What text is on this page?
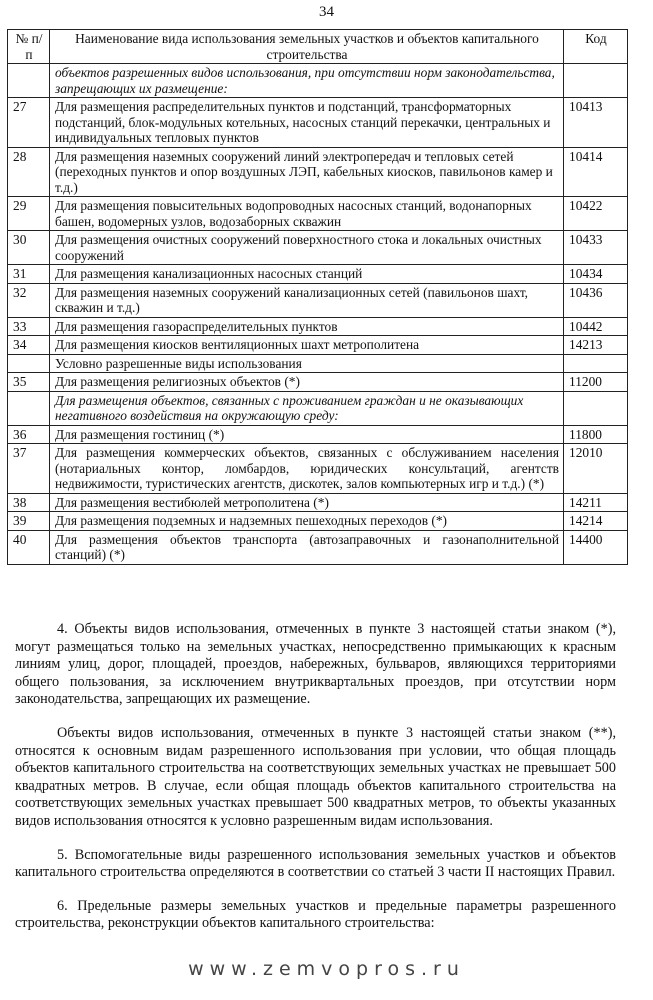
34
№ п/п	Наименование вида использования земельных участков и объектов капитального строительства	Код
	объектов разрешенных видов использования, при отсутствии норм законодательства, запрещающих их размещение:	
27	Для размещения распределительных пунктов и подстанций, трансформаторных подстанций, блок-модульных котельных, насосных станций перекачки, центральных и индивидуальных тепловых пунктов	10413
28	Для размещения наземных сооружений линий электропередач и тепловых сетей (переходных пунктов и опор воздушных ЛЭП, кабельных киосков, павильонов камер и т.д.)	10414
29	Для размещения повысительных водопроводных насосных станций, водонапорных башен, водомерных узлов, водозаборных скважин	10422
30	Для размещения очистных сооружений поверхностного стока и локальных очистных сооружений	10433
31	Для размещения канализационных насосных станций	10434
32	Для размещения наземных сооружений канализационных сетей (павильонов шахт, скважин и т.д.)	10436
33	Для размещения газораспределительных пунктов	10442
34	Для размещения киосков вентиляционных шахт метрополитена	14213
	Условно разрешенные виды использования	
35	Для размещения религиозных объектов (*)	11200
	Для размещения объектов, связанных с проживанием граждан и не оказывающих негативного воздействия на окружающую среду:	
36	Для размещения гостиниц (*)	11800
37	Для размещения коммерческих объектов, связанных с обслуживанием населения (нотариальных контор, ломбардов, юридических консультаций, агентств недвижимости, туристических агентств, дискотек, залов компьютерных игр и т.д.) (*)	12010
38	Для размещения вестибюлей метрополитена (*)	14211
39	Для размещения подземных и надземных пешеходных переходов (*)	14214
40	Для размещения объектов транспорта (автозаправочных и газонаполнительной станций) (*)	14400

4. Объекты видов использования, отмеченных в пункте 3 настоящей статьи знаком (*), могут размещаться только на земельных участках, непосредственно примыкающих к красным линиям улиц, дорог, площадей, проездов, набережных, бульваров, являющихся территориями общего пользования, за исключением внутриквартальных проездов, при отсутствии норм законодательства, запрещающих их размещение.

Объекты видов использования, отмеченных в пункте 3 настоящей статьи знаком (**), относятся к основным видам разрешенного использования при условии, что общая площадь объектов капитального строительства на соответствующих земельных участках не превышает 500 квадратных метров. В случае, если общая площадь объектов капитального строительства на соответствующих земельных участках превышает 500 квадратных метров, то объекты указанных видов использования относятся к условно разрешенным видам использования.

5. Вспомогательные виды разрешенного использования земельных участков и объектов капитального строительства определяются в соответствии со статьей 3 части II настоящих Правил.

6. Предельные размеры земельных участков и предельные параметры разрешенного строительства, реконструкции объектов капитального строительства:

www.zemvopros.ru
